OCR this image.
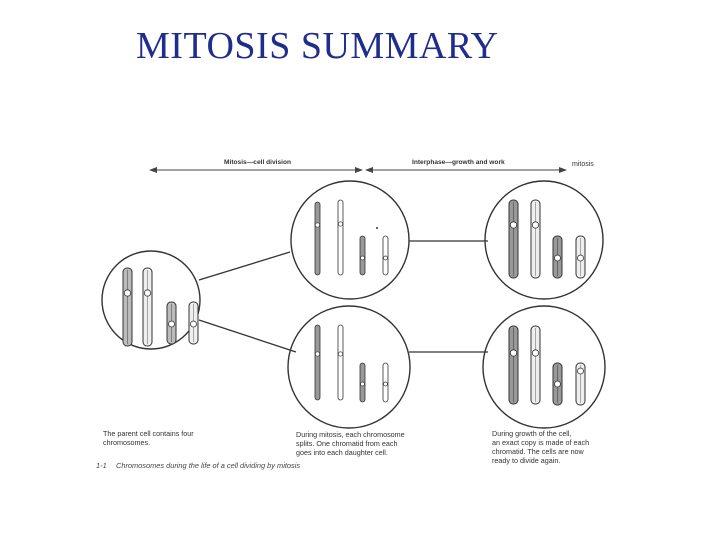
MITOSIS SUMMARY
Mitosis—cell division	Interphase—growth and work	mitosis
The parent cell contains four
chromosomes.
During mitosis, each chromosome
splits. One chromatid from each
goes into each daughter cell.
During growth of the cell,
an exact copy is made of each
chromatid. The cells are now
ready to divide again.
1-1 Chromosomes during the life of a cell dividing by mitosis
